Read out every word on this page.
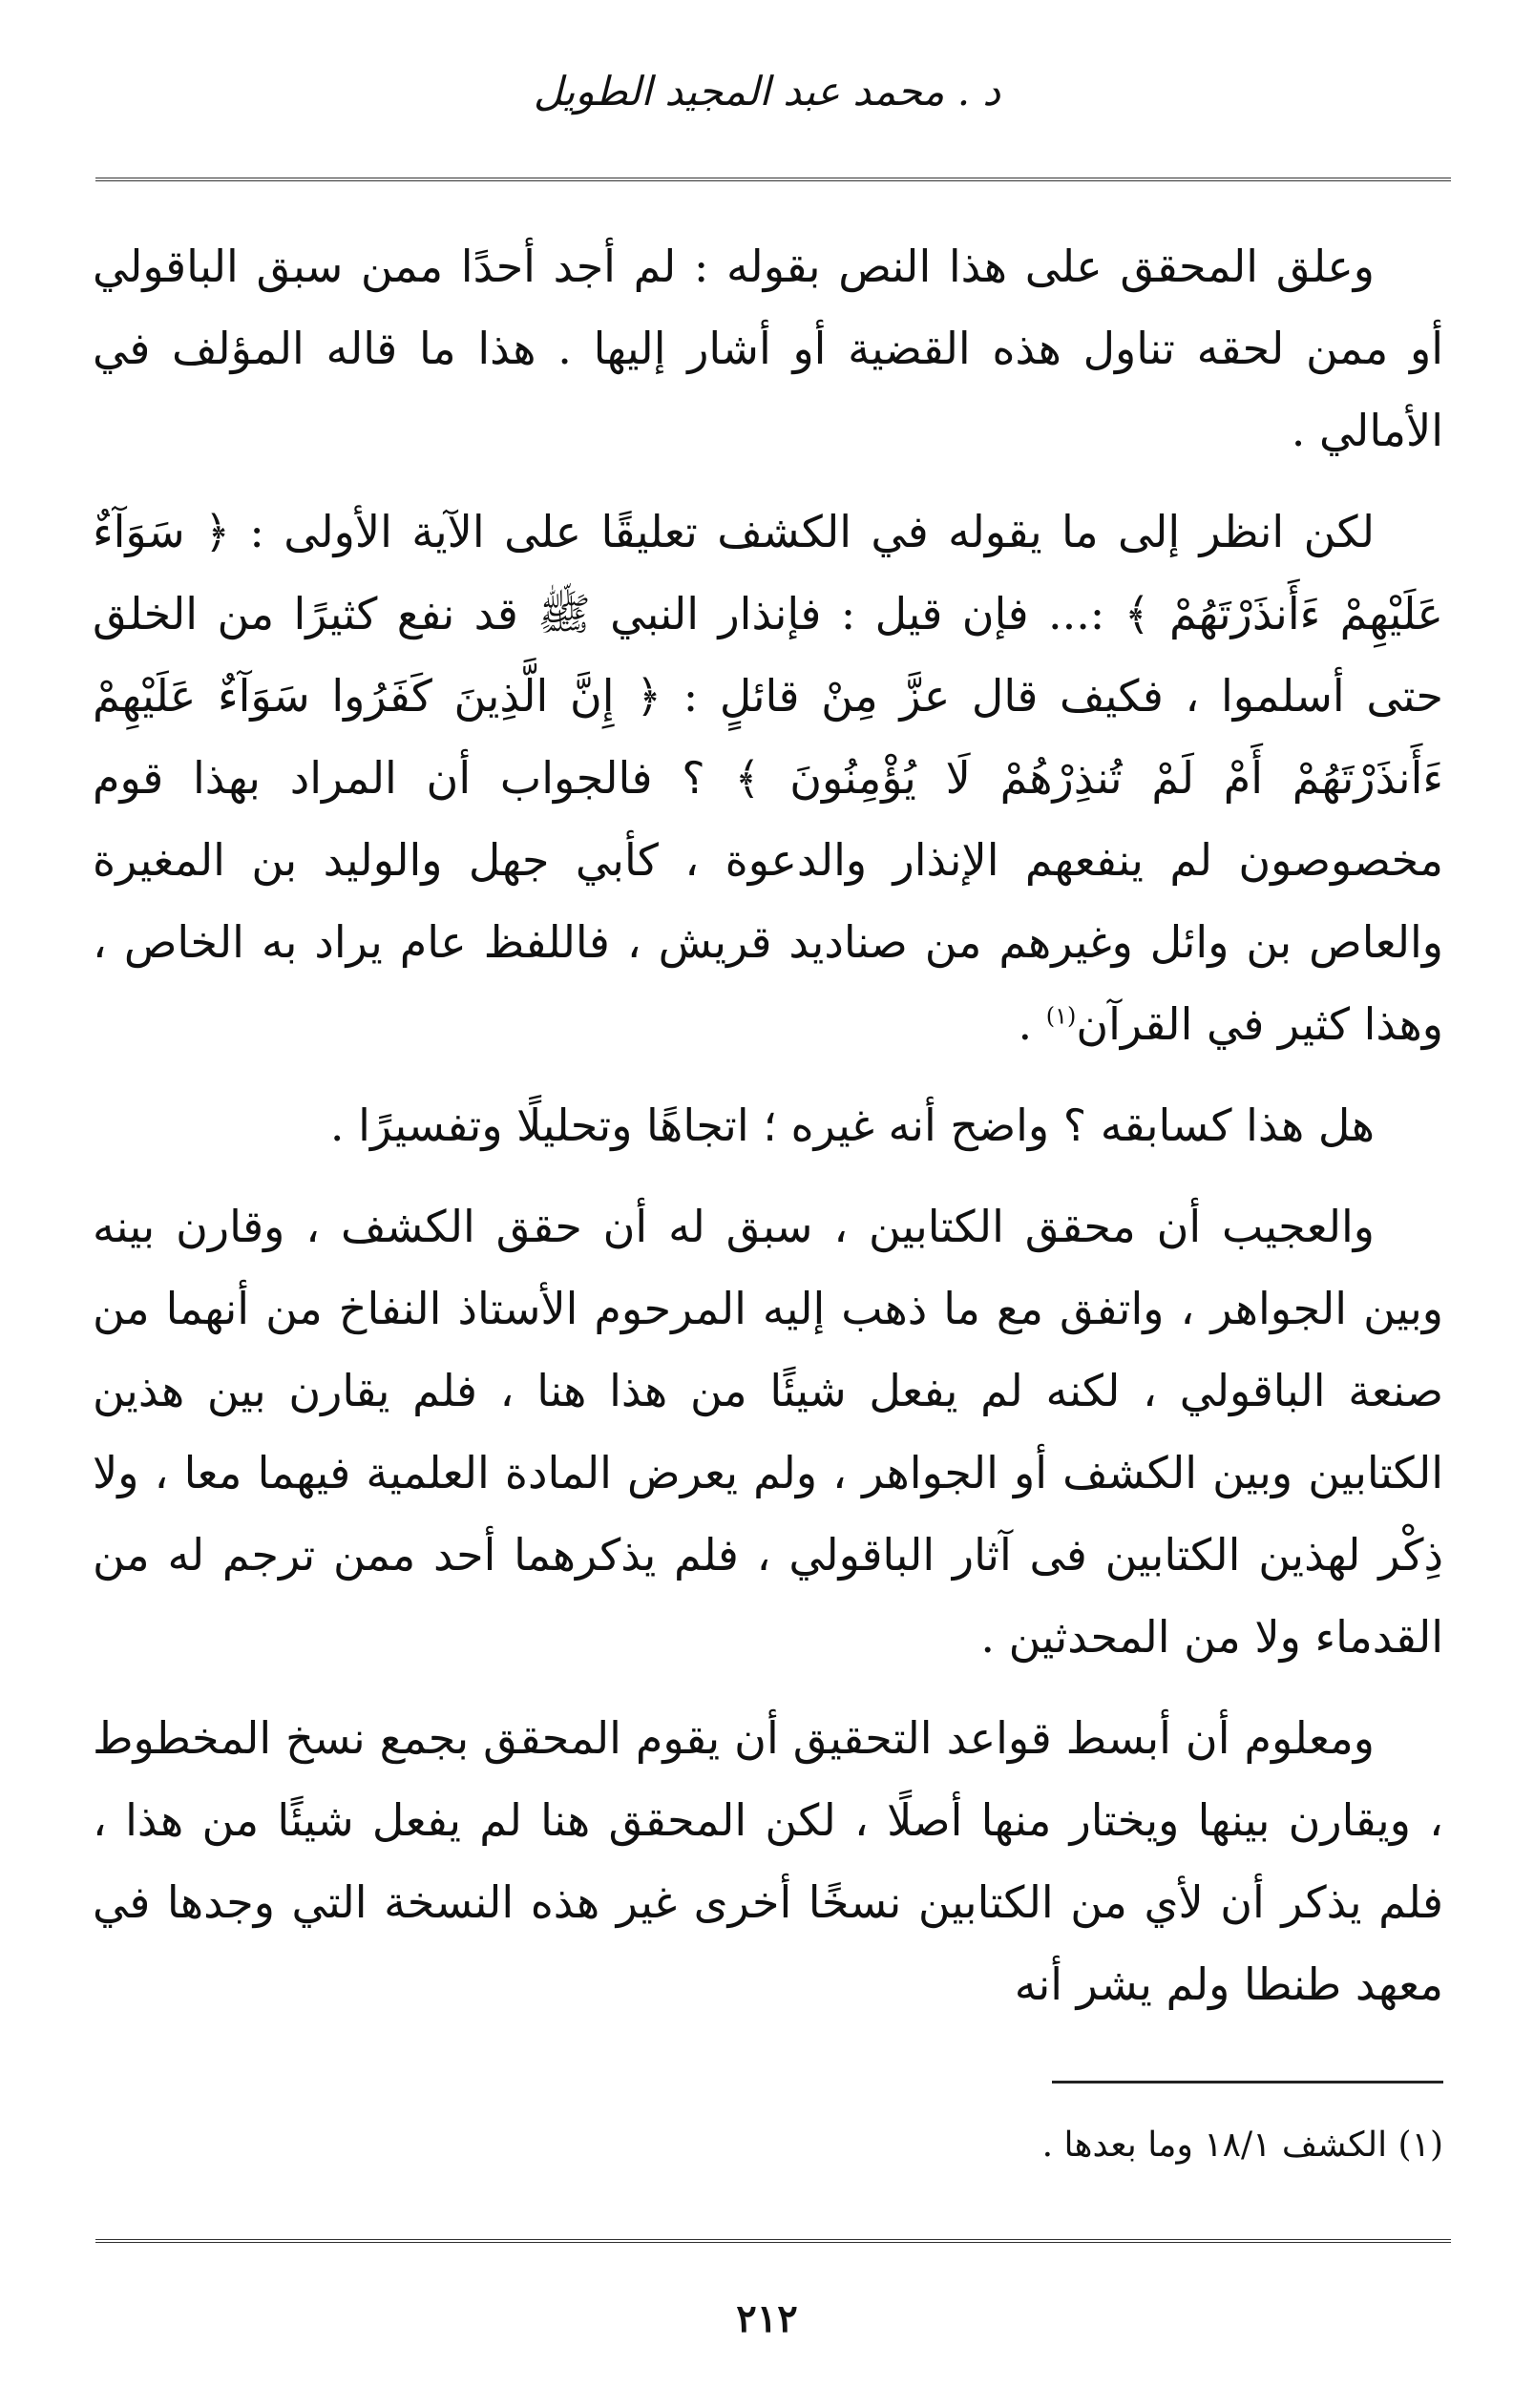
د . محمد عبد المجيد الطويل

وعلق المحقق على هذا النص بقوله : لم أجد أحدًا ممن سبق الباقولي أو ممن لحقه تناول هذه القضية أو أشار إليها . هذا ما قاله المؤلف في الأمالي .

لكن انظر إلى ما يقوله في الكشف تعليقًا على الآية الأولى : ﴿ سَوَآءٌ عَلَيْهِمْ ءَأَنذَرْتَهُمْ ﴾ :... فإن قيل : فإنذار النبي ﷺ قد نفع كثيرًا من الخلق حتى أسلموا ، فكيف قال عزَّ مِنْ قائلٍ : ﴿ إِنَّ الَّذِينَ كَفَرُوا سَوَآءٌ عَلَيْهِمْ ءَأَنذَرْتَهُمْ أَمْ لَمْ تُنذِرْهُمْ لَا يُؤْمِنُونَ ﴾ ؟ فالجواب أن المراد بهذا قوم مخصوصون لم ينفعهم الإنذار والدعوة ، كأبي جهل والوليد بن المغيرة والعاص بن وائل وغيرهم من صناديد قريش ، فاللفظ عام يراد به الخاص ، وهذا كثير في القرآن$^{(١)}$ .

هل هذا كسابقه ؟ واضح أنه غيره ؛ اتجاهًا وتحليلًا وتفسيرًا .

والعجيب أن محقق الكتابين ، سبق له أن حقق الكشف ، وقارن بينه وبين الجواهر ، واتفق مع ما ذهب إليه المرحوم الأستاذ النفاخ من أنهما من صنعة الباقولي ، لكنه لم يفعل شيئًا من هذا هنا ، فلم يقارن بين هذين الكتابين وبين الكشف أو الجواهر ، ولم يعرض المادة العلمية فيهما معا ، ولا ذِكْر لهذين الكتابين فى آثار الباقولي ، فلم يذكرهما أحد ممن ترجم له من القدماء ولا من المحدثين .

ومعلوم أن أبسط قواعد التحقيق أن يقوم المحقق بجمع نسخ المخطوط ، ويقارن بينها ويختار منها أصلًا ، لكن المحقق هنا لم يفعل شيئًا من هذا ، فلم يذكر أن لأي من الكتابين نسخًا أخرى غير هذه النسخة التي وجدها في معهد طنطا ولم يشر أنه

(١) الكشف ١٨/١ وما بعدها .
٢١٢
